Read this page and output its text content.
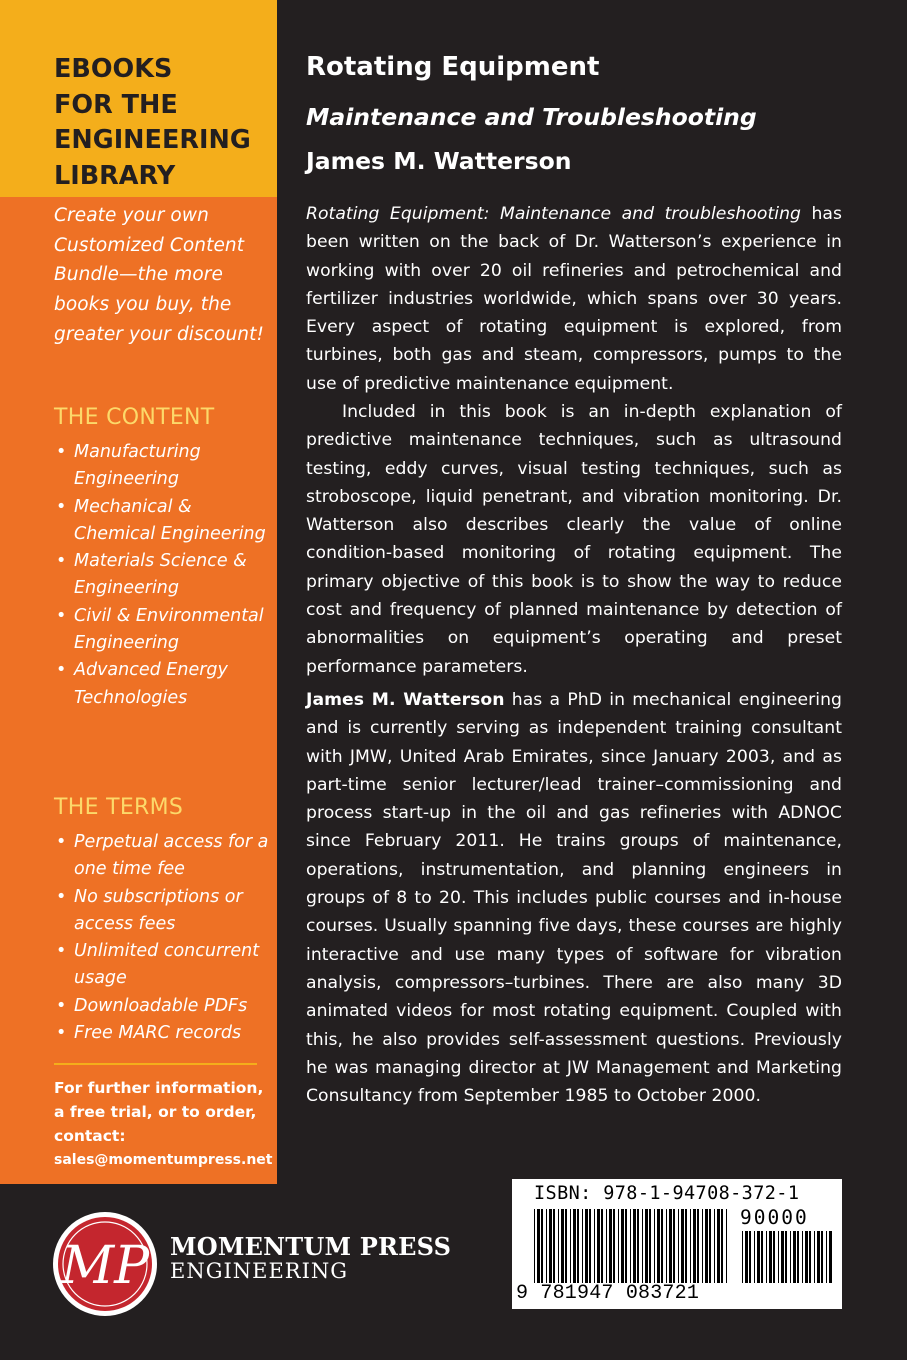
EBOOKS
FOR THE
ENGINEERING
LIBRARY
Create your own Customized Content Bundle—the more books you buy, the greater your discount!
THE CONTENT
• Manufacturing Engineering
• Mechanical & Chemical Engineering
• Materials Science & Engineering
• Civil & Environmental Engineering
• Advanced Energy Technologies
THE TERMS
• Perpetual access for a one time fee
• No subscriptions or access fees
• Unlimited concurrent usage
• Downloadable PDFs
• Free MARC records
For further information, a free trial, or to order, contact:
sales@momentumpress.net
Rotating Equipment
Maintenance and Troubleshooting
James M. Watterson

Rotating Equipment: Maintenance and troubleshooting has been written on the back of Dr. Watterson’s experience in working with over 20 oil refineries and petrochemical and fertilizer industries worldwide, which spans over 30 years. Every aspect of rotating equipment is explored, from turbines, both gas and steam, compressors, pumps to the use of predictive maintenance equipment.

Included in this book is an in-depth explanation of predictive maintenance techniques, such as ultrasound testing, eddy curves, visual testing techniques, such as stroboscope, liquid penetrant, and vibration monitoring. Dr. Watterson also describes clearly the value of online condition-based monitoring of rotating equipment. The primary objective of this book is to show the way to reduce cost and frequency of planned maintenance by detection of abnormalities on equipment’s operating and preset performance parameters.

James M. Watterson has a PhD in mechanical engineering and is currently serving as independent training consultant with JMW, United Arab Emirates, since January 2003, and as part-time senior lecturer/lead trainer–commissioning and process start-up in the oil and gas refineries with ADNOC since February 2011. He trains groups of maintenance, operations, instrumentation, and planning engineers in groups of 8 to 20. This includes public courses and in-house courses. Usually spanning five days, these courses are highly interactive and use many types of software for vibration analysis, compressors–turbines. There are also many 3D animated videos for most rotating equipment. Coupled with this, he also provides self-assessment questions. Previously he was managing director at JW Management and Marketing Consultancy from September 1985 to October 2000.

MP MOMENTUM PRESS
ENGINEERING
ISBN: 978-1-94708-372-1
90000
9 781947 083721
